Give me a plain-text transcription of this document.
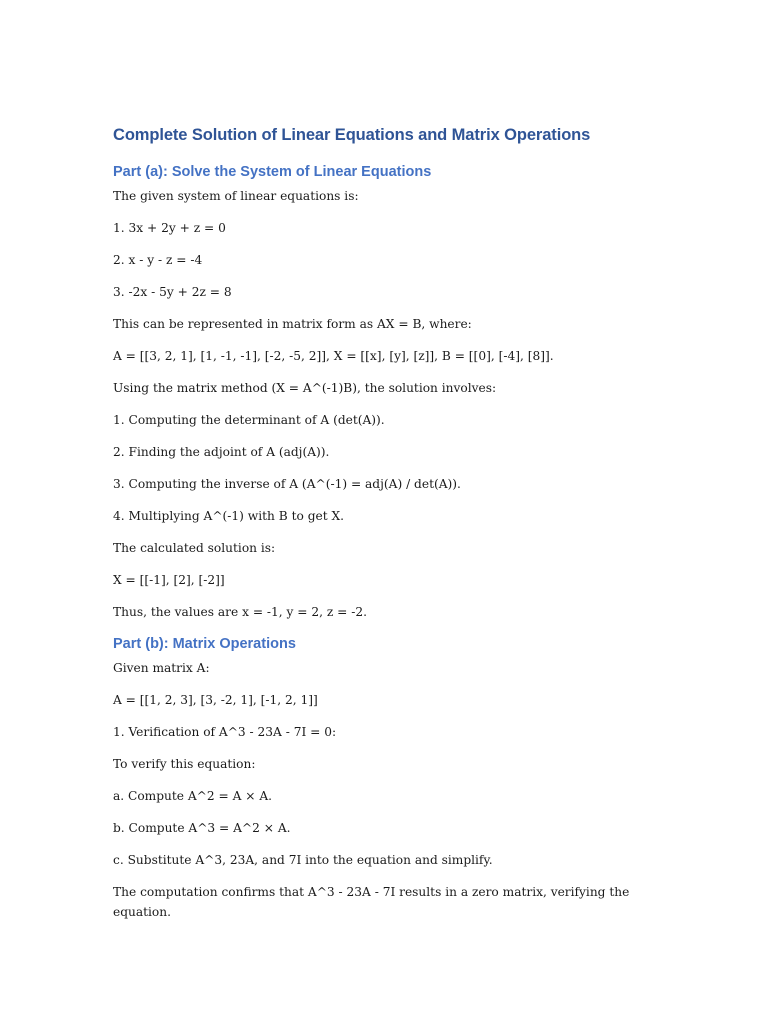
Complete Solution of Linear Equations and Matrix Operations
Part (a): Solve the System of Linear Equations
The given system of linear equations is:
1. 3x + 2y + z = 0
2. x - y - z = -4
3. -2x - 5y + 2z = 8
This can be represented in matrix form as AX = B, where:
A = [[3, 2, 1], [1, -1, -1], [-2, -5, 2]], X = [[x], [y], [z]], B = [[0], [-4], [8]].
Using the matrix method (X = A^(-1)B), the solution involves:
1. Computing the determinant of A (det(A)).
2. Finding the adjoint of A (adj(A)).
3. Computing the inverse of A (A^(-1) = adj(A) / det(A)).
4. Multiplying A^(-1) with B to get X.
The calculated solution is:
X = [[-1], [2], [-2]]
Thus, the values are x = -1, y = 2, z = -2.
Part (b): Matrix Operations
Given matrix A:
A = [[1, 2, 3], [3, -2, 1], [-1, 2, 1]]
1. Verification of A^3 - 23A - 7I = 0:
To verify this equation:
a. Compute A^2 = A × A.
b. Compute A^3 = A^2 × A.
c. Substitute A^3, 23A, and 7I into the equation and simplify.
The computation confirms that A^3 - 23A - 7I results in a zero matrix, verifying the equation.
